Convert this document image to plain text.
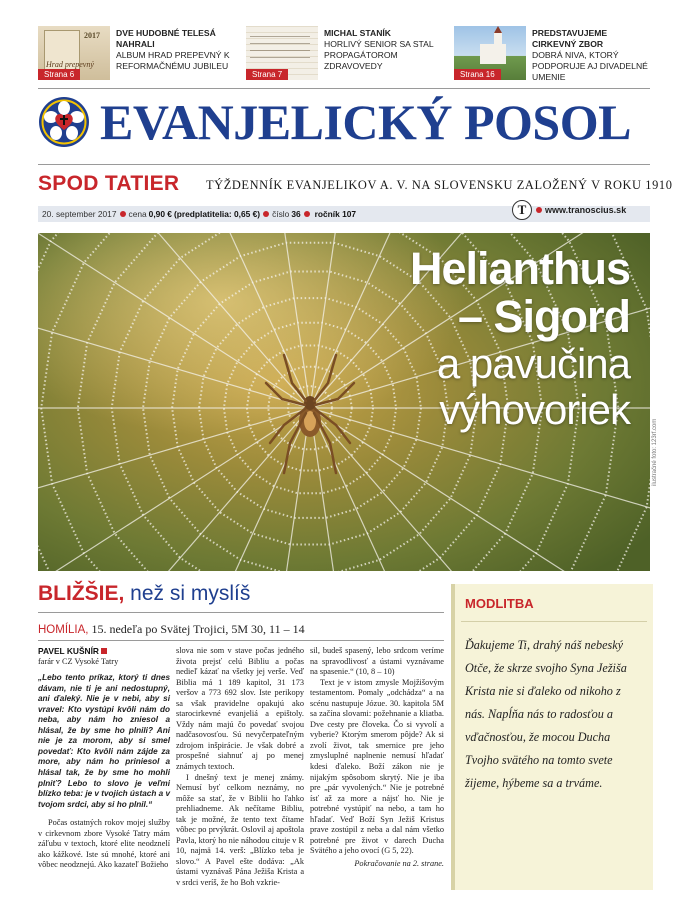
2017
Hrad prepevný
Strana 6
DVE HUDOBNÉ TELESÁ NAHRALI
ALBUM HRAD PREPEVNÝ K REFORMAČNÉMU JUBILEU
Strana 7
MICHAL STANÍK
HORLIVÝ SENIOR SA STAL PROPAGÁTOROM ZDRAVOVEDY
Strana 16
PREDSTAVUJEME CIRKEVNÝ ZBOR
DOBRÁ NIVA, KTORÝ PODPORUJE AJ DIVADELNÉ UMENIE
EVANJELICKÝ POSOL
SPOD TATIER TÝŽDENNÍK EVANJELIKOV A. V. NA SLOVENSKU ZALOŽENÝ V ROKU 1910
20. september 2017 cena 0,90 € (predplatitelia: 0,65 €) číslo 36 ročník 107	T	www.tranoscius.sk
Helianthus
– Sigord
a pavučina
výhovoriek
ilustračné foto: 123rf.com
BLIŽŠIE, než si myslíš
HOMÍLIA, 15. nedeľa po Svätej Trojici, 5M 30, 11 – 14
PAVEL KUŠNÍR
farár v CZ Vysoké Tatry
„Lebo tento príkaz, ktorý ti dnes dávam, nie ti je ani nedostupný, ani ďaleký. Nie je v nebi, aby si vravel: Kto vystúpi kvôli nám do neba, aby nám ho zniesol a hlásal, že by sme ho plnili? Ani nie je za morom, aby si smel povedať: Kto kvôli nám zájde za more, aby nám ho priniesol a hlásal tak, že by sme ho mohli plniť? Lebo to slovo je veľmi blízko teba: je v tvojich ústach a v tvojom srdci, aby si ho plnil.“

Počas ostatných rokov mojej služby v cirkevnom zbore Vysoké Tatry mám záľubu v textoch, ktoré elite neodznelí ako kážkové. Iste sú mnohé, ktoré ani vôbec neodznejú. Ako kazateľ Božieho

slova nie som v stave počas jedného života prejsť celú Bibliu a počas nedieľ kázať na všetky jej verše. Veď Biblia má 1 189 kapitol, 31 173 veršov a 773 692 slov. Iste perikopy sa však pravidelne opakujú ako starocirkevné evanjeliá a epištoly. Vždy nám majú čo povedať svojou nadčasovosťou. Sú nevyčerpateľným zdrojom inšpirácie. Je však dobré a prospešné siahnuť aj po menej známych textoch.

I dnešný text je menej známy. Nemusí byť celkom neznámy, no môže sa stať, že v Biblii ho ľahko prehliadneme. Ak nečítame Bibliu, tak je možné, že tento text čítame vôbec po prvýkrát. Oslovil aj apoštola Pavla, ktorý ho nie náhodou cituje v R 10, najmä 14. verš: „Blízko teba je slovo.“ A Pavel ešte dodáva: „Ak ústami vyznávaš Pána Ježiša Krista a v srdci veríš, že ho Boh vzkrie-

sil, budeš spasený, lebo srdcom veríme na spravodlivosť a ústami vyznávame na spasenie.“ (10, 8 – 10)

Text je v istom zmysle Mojžišovým testamentom. Pomaly „odchádza“ a na scénu nastupuje Józue. 30. kapitola 5M sa začína slovami: požehnanie a kliatba. Dve cesty pre človeka. Čo si vyvolí a vyberie? Ktorým smerom pôjde? Ak si zvolí život, tak smernice pre jeho zmysluplné naplnenie nemusí hľadať kdesi ďaleko. Boží zákon nie je nijakým spôsobom skrytý. Nie je iba pre „pár vyvolených.“ Nie je potrebné ísť až za more a nájsť ho. Nie je potrebné vystúpiť na nebo, a tam ho hľadať. Veď Boží Syn Ježiš Kristus prave zostúpil z neba a dal nám všetko potrebné pre život v darech Ducha Svätého a jeho ovocí (G 5, 22).

Pokračovanie na 2. strane.
MODLITBA
Ďakujeme Ti, drahý náš nebeský Otče, že skrze svojho Syna Ježiša Krista nie si ďaleko od nikoho z nás. Napĺňa nás to radosťou a vďačnosťou, že mocou Ducha Tvojho svätého na tomto svete žijeme, hýbeme sa a trváme.
